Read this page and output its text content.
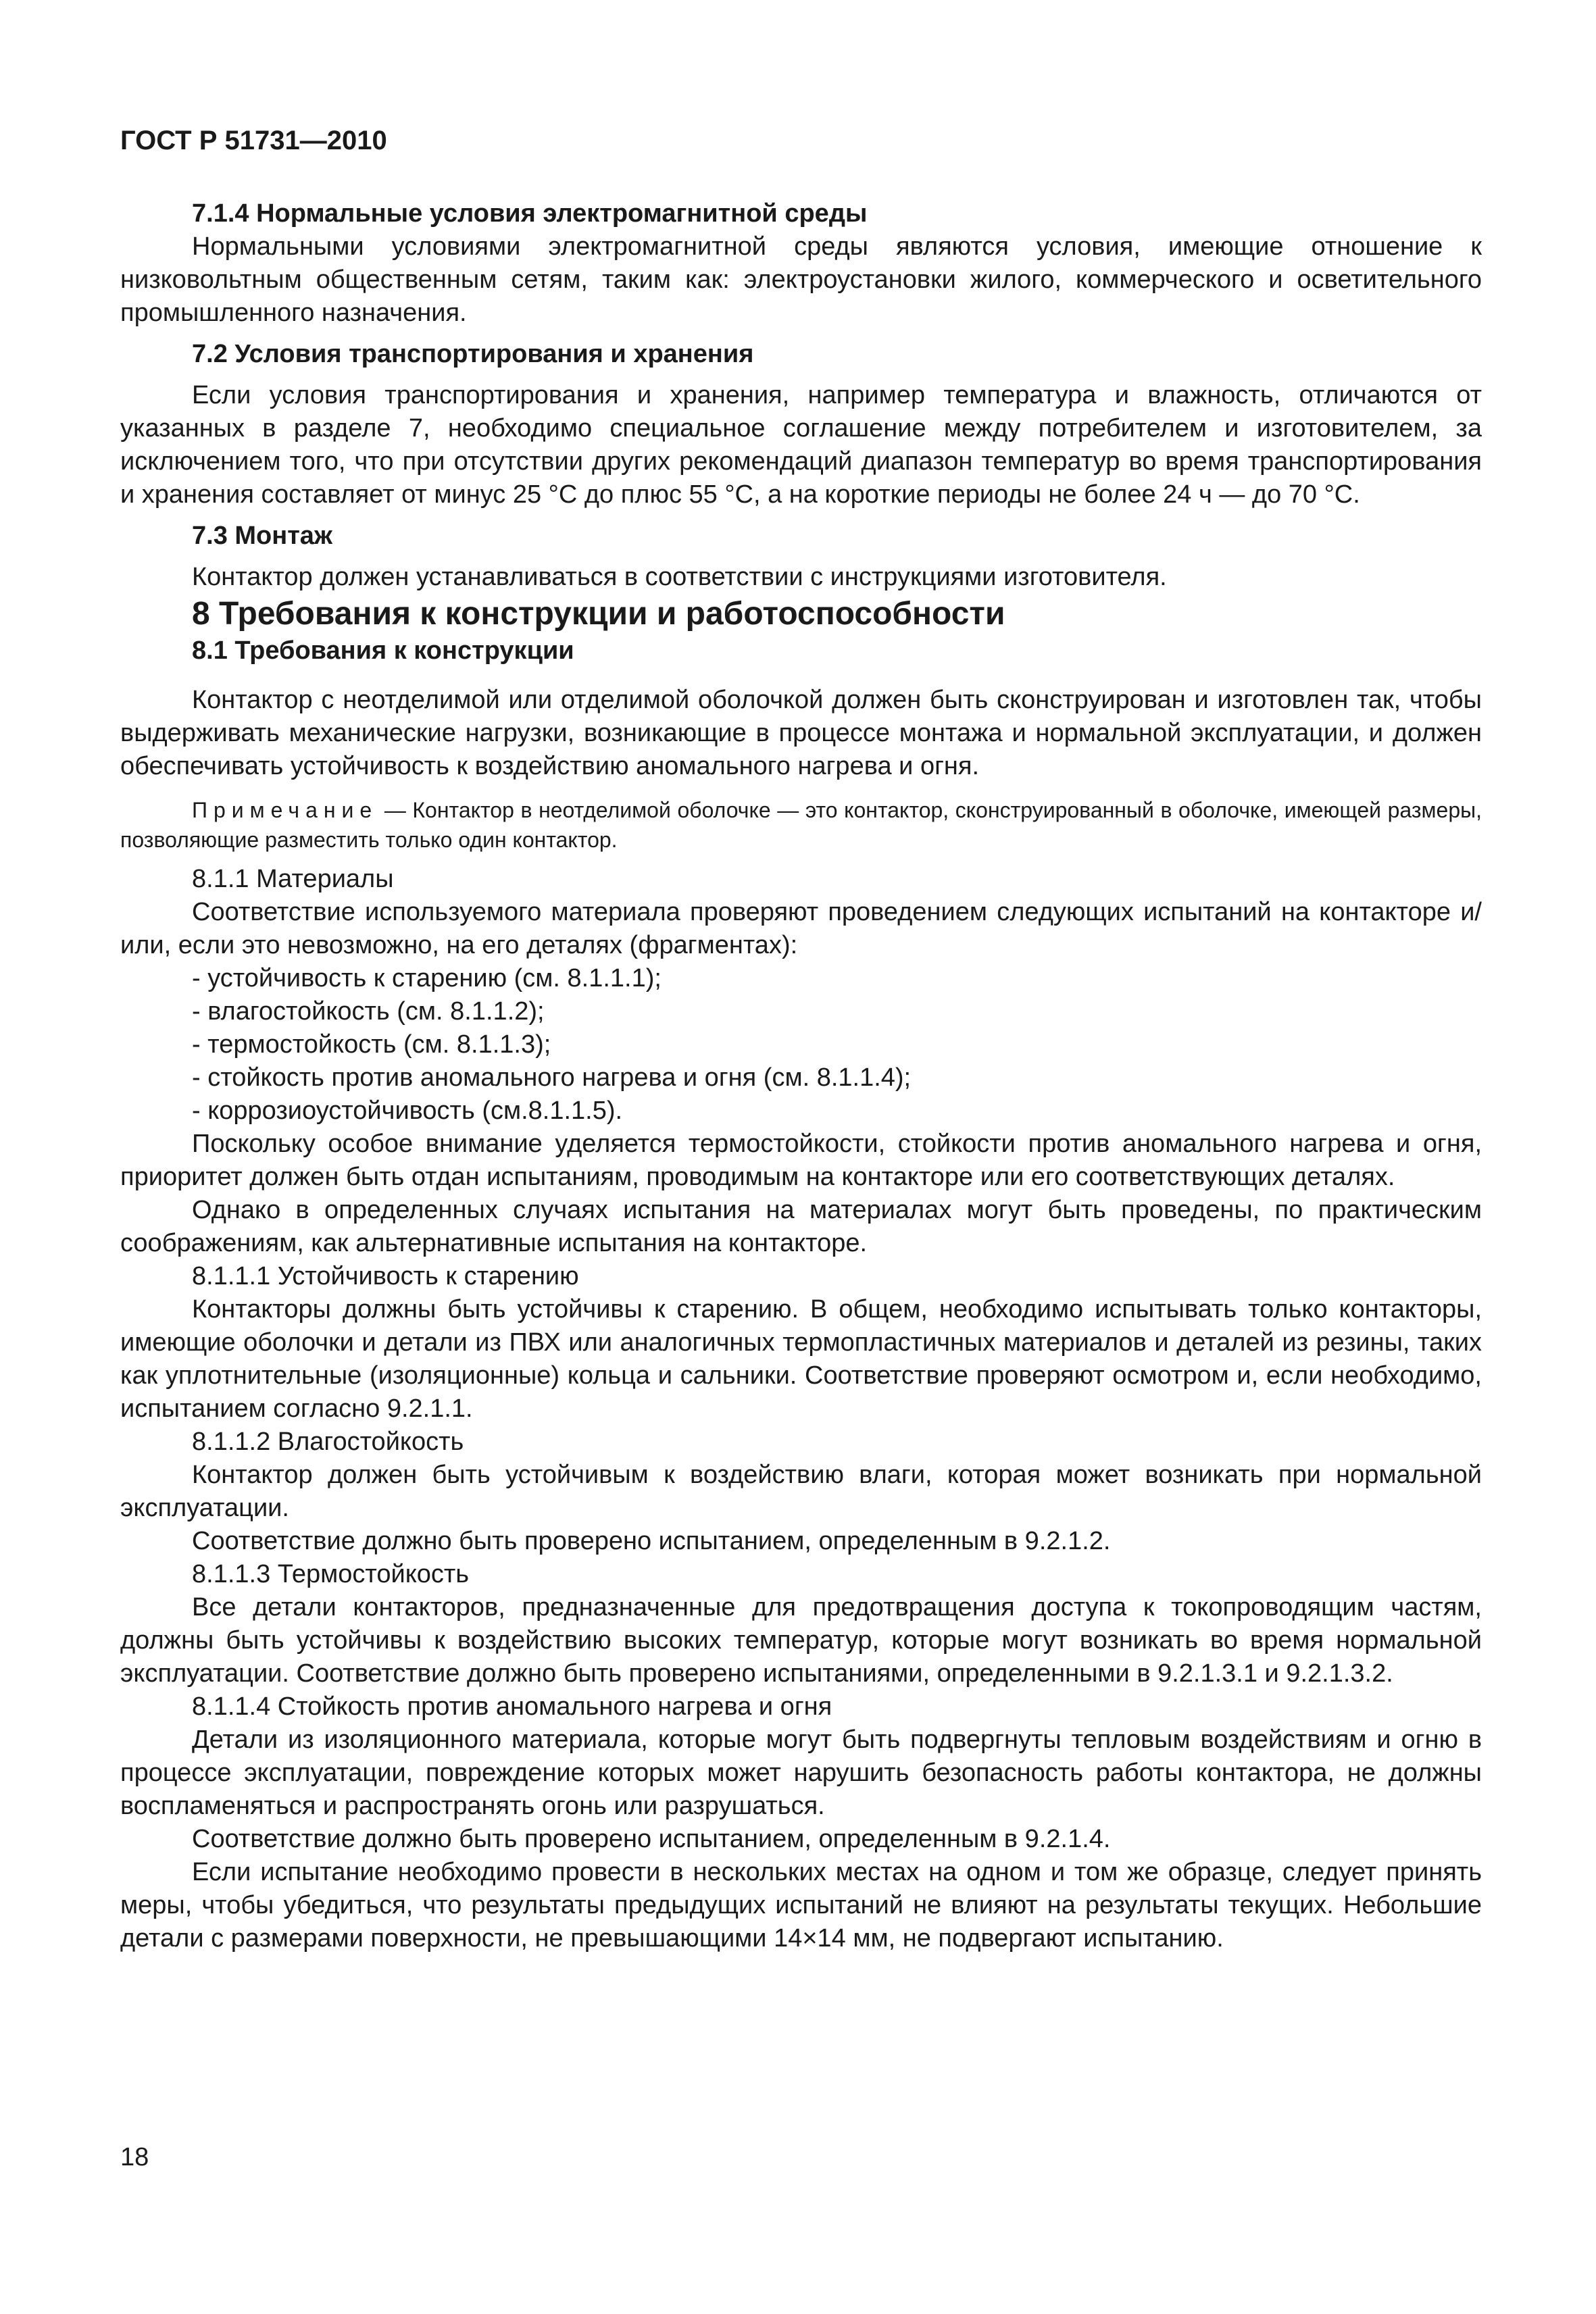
ГОСТ Р 51731—2010

7.1.4 Нормальные условия электромагнитной среды

Нормальными условиями электромагнитной среды являются условия, имеющие отношение к низковольтным общественным сетям, таким как: электроустановки жилого, коммерческого и осветительного промышленного назначения.

7.2 Условия транспортирования и хранения

Если условия транспортирования и хранения, например температура и влажность, отличаются от указанных в разделе 7, необходимо специальное соглашение между потребителем и изготовителем, за исключением того, что при отсутствии других рекомендаций диапазон температур во время транспортирования и хранения составляет от минус 25 °С до плюс 55 °С, а на короткие периоды не более 24 ч — до 70 °С.

7.3 Монтаж

Контактор должен устанавливаться в соответствии с инструкциями изготовителя.

8 Требования к конструкции и работоспособности

8.1 Требования к конструкции

Контактор с неотделимой или отделимой оболочкой должен быть сконструирован и изготовлен так, чтобы выдерживать механические нагрузки, возникающие в процессе монтажа и нормальной эксплуатации, и должен обеспечивать устойчивость к воздействию аномального нагрева и огня.

Примечание — Контактор в неотделимой оболочке — это контактор, сконструированный в оболочке, имеющей размеры, позволяющие разместить только один контактор.

8.1.1 Материалы

Соответствие используемого материала проверяют проведением следующих испытаний на контакторе и/или, если это невозможно, на его деталях (фрагментах):

- устойчивость к старению (см. 8.1.1.1);

- влагостойкость (см. 8.1.1.2);

- термостойкость (см. 8.1.1.3);

- стойкость против аномального нагрева и огня (см. 8.1.1.4);

- коррозиоустойчивость (см.8.1.1.5).

Поскольку особое внимание уделяется термостойкости, стойкости против аномального нагрева и огня, приоритет должен быть отдан испытаниям, проводимым на контакторе или его соответствующих деталях.

Однако в определенных случаях испытания на материалах могут быть проведены, по практическим соображениям, как альтернативные испытания на контакторе.

8.1.1.1 Устойчивость к старению

Контакторы должны быть устойчивы к старению. В общем, необходимо испытывать только контакторы, имеющие оболочки и детали из ПВХ или аналогичных термопластичных материалов и деталей из резины, таких как уплотнительные (изоляционные) кольца и сальники. Соответствие проверяют осмотром и, если необходимо, испытанием согласно 9.2.1.1.

8.1.1.2 Влагостойкость

Контактор должен быть устойчивым к воздействию влаги, которая может возникать при нормальной эксплуатации.

Соответствие должно быть проверено испытанием, определенным в 9.2.1.2.

8.1.1.3 Термостойкость

Все детали контакторов, предназначенные для предотвращения доступа к токопроводящим частям, должны быть устойчивы к воздействию высоких температур, которые могут возникать во время нормальной эксплуатации. Соответствие должно быть проверено испытаниями, определенными в 9.2.1.3.1 и 9.2.1.3.2.

8.1.1.4 Стойкость против аномального нагрева и огня

Детали из изоляционного материала, которые могут быть подвергнуты тепловым воздействиям и огню в процессе эксплуатации, повреждение которых может нарушить безопасность работы контактора, не должны воспламеняться и распространять огонь или разрушаться.

Соответствие должно быть проверено испытанием, определенным в 9.2.1.4.

Если испытание необходимо провести в нескольких местах на одном и том же образце, следует принять меры, чтобы убедиться, что результаты предыдущих испытаний не влияют на результаты текущих. Небольшие детали с размерами поверхности, не превышающими 14×14 мм, не подвергают испытанию.

18
